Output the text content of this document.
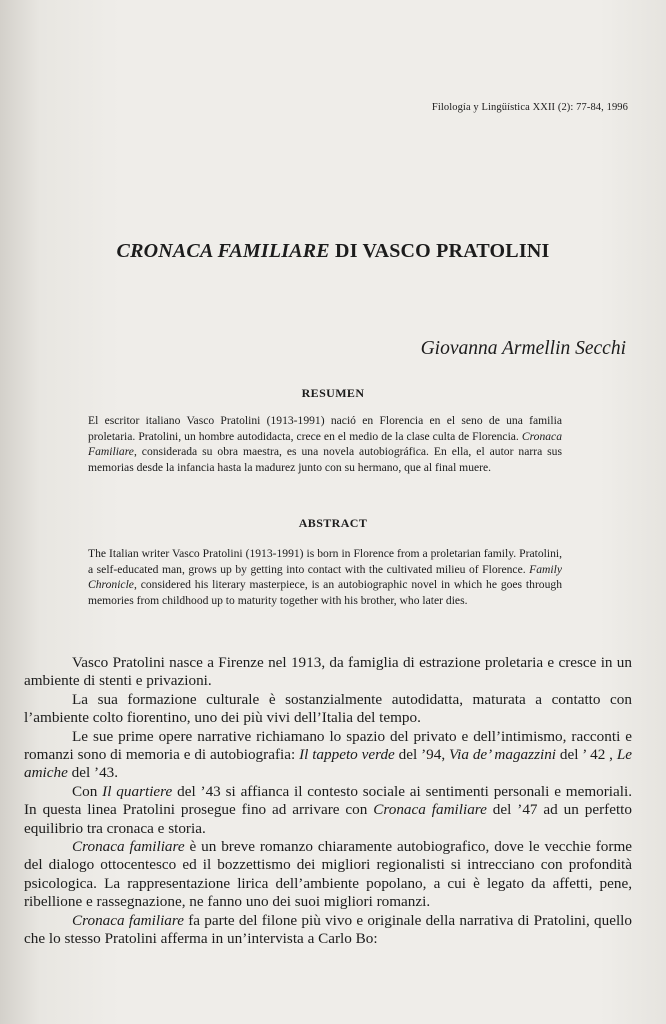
Filología y Lingüística XXII (2): 77-84, 1996
CRONACA FAMILIARE DI VASCO PRATOLINI
Giovanna Armellin Secchi
RESUMEN
El escritor italiano Vasco Pratolini (1913-1991) nació en Florencia en el seno de una familia proletaria. Pratolini, un hombre autodidacta, crece en el medio de la clase culta de Florencia. Cronaca Familiare, considerada su obra maestra, es una novela autobiográfica. En ella, el autor narra sus memorias desde la infancia hasta la madurez junto con su hermano, que al final muere.
ABSTRACT
The Italian writer Vasco Pratolini (1913-1991) is born in Florence from a proletarian family. Pratolini, a self-educated man, grows up by getting into contact with the cultivated milieu of Florence. Family Chronicle, considered his literary masterpiece, is an autobiographic novel in which he goes through memories from childhood up to maturity together with his brother, who later dies.

Vasco Pratolini nasce a Firenze nel 1913, da famiglia di estrazione proletaria e cresce in un ambiente di stenti e privazioni.

La sua formazione culturale è sostanzialmente autodidatta, maturata a contatto con l’ambiente colto fiorentino, uno dei più vivi dell’Italia del tempo.

Le sue prime opere narrative richiamano lo spazio del privato e dell’intimismo, racconti e romanzi sono di memoria e di autobiografia: Il tappeto verde del ’94, Via de’ magazzini del ’ 42 , Le amiche del ’43.

Con Il quartiere del ’43 si affianca il contesto sociale ai sentimenti personali e memoriali. In questa linea Pratolini prosegue fino ad arrivare con Cronaca familiare del ’47 ad un perfetto equilibrio tra cronaca e storia.

Cronaca familiare è un breve romanzo chiaramente autobiografico, dove le vecchie forme del dialogo ottocentesco ed il bozzettismo dei migliori regionalisti si intrecciano con profondità psicologica. La rappresentazione lirica dell’ambiente popolano, a cui è legato da affetti, pene, ribellione e rassegnazione, ne fanno uno dei suoi migliori romanzi.

Cronaca familiare fa parte del filone più vivo e originale della narrativa di Pratolini, quello che lo stesso Pratolini afferma in un’intervista a Carlo Bo:
